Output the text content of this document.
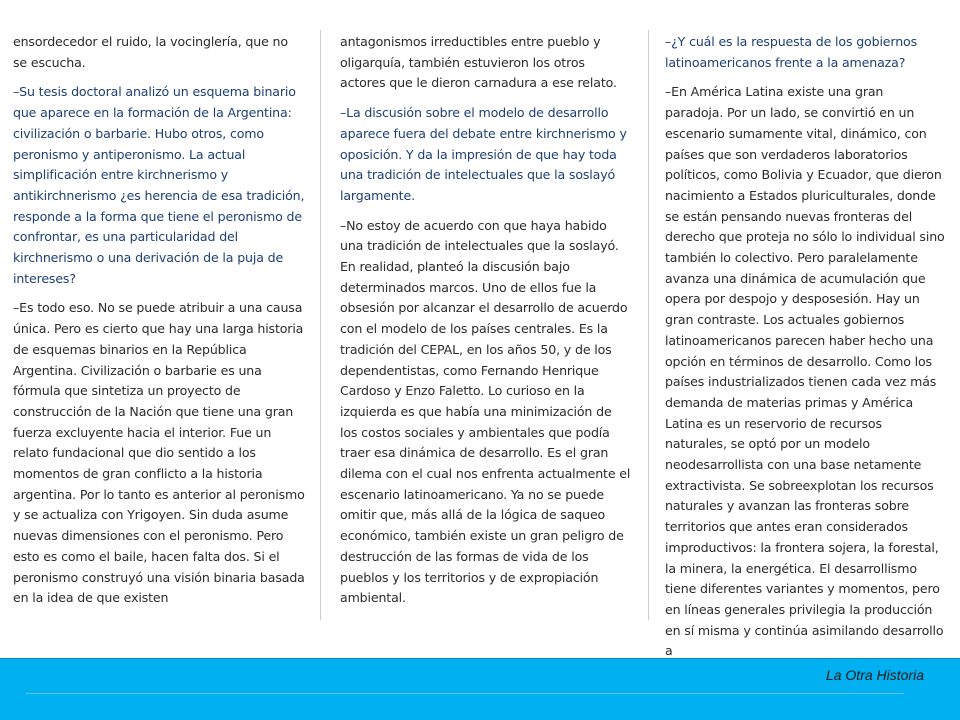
ensordecedor el ruido, la vocinglería, que no se escucha.

–Su tesis doctoral analizó un esquema binario que aparece en la formación de la Argentina: civilización o barbarie. Hubo otros, como peronismo y antiperonismo. La actual simplificación entre kirchnerismo y antikirchnerismo ¿es herencia de esa tradición, responde a la forma que tiene el peronismo de confrontar, es una particularidad del kirchnerismo o una derivación de la puja de intereses?

–Es todo eso. No se puede atribuir a una causa única. Pero es cierto que hay una larga historia de esquemas binarios en la República Argentina. Civilización o barbarie es una fórmula que sintetiza un proyecto de construcción de la Nación que tiene una gran fuerza excluyente hacia el interior. Fue un relato fundacional que dio sentido a los momentos de gran conflicto a la historia argentina. Por lo tanto es anterior al peronismo y se actualiza con Yrigoyen. Sin duda asume nuevas dimensiones con el peronismo. Pero esto es como el baile, hacen falta dos. Si el peronismo construyó una visión binaria basada en la idea de que existen

antagonismos irreductibles entre pueblo y oligarquía, también estuvieron los otros actores que le dieron carnadura a ese relato.

–La discusión sobre el modelo de desarrollo aparece fuera del debate entre kirchnerismo y oposición. Y da la impresión de que hay toda una tradición de intelectuales que la soslayó largamente.

–No estoy de acuerdo con que haya habido una tradición de intelectuales que la soslayó. En realidad, planteó la discusión bajo determinados marcos. Uno de ellos fue la obsesión por alcanzar el desarrollo de acuerdo con el modelo de los países centrales. Es la tradición del CEPAL, en los años 50, y de los dependentistas, como Fernando Henrique Cardoso y Enzo Faletto. Lo curioso en la izquierda es que había una minimización de los costos sociales y ambientales que podía traer esa dinámica de desarrollo. Es el gran dilema con el cual nos enfrenta actualmente el escenario latinoamericano. Ya no se puede omitir que, más allá de la lógica de saqueo económico, también existe un gran peligro de destrucción de las formas de vida de los pueblos y los territorios y de expropiación ambiental.

–¿Y cuál es la respuesta de los gobiernos latinoamericanos frente a la amenaza?

–En América Latina existe una gran paradoja. Por un lado, se convirtió en un escenario sumamente vital, dinámico, con países que son verdaderos laboratorios políticos, como Bolivia y Ecuador, que dieron nacimiento a Estados pluriculturales, donde se están pensando nuevas fronteras del derecho que proteja no sólo lo individual sino también lo colectivo. Pero paralelamente avanza una dinámica de acumulación que opera por despojo y desposesión. Hay un gran contraste. Los actuales gobiernos latinoamericanos parecen haber hecho una opción en términos de desarrollo. Como los países industrializados tienen cada vez más demanda de materias primas y América Latina es un reservorio de recursos naturales, se optó por un modelo neodesarrollista con una base netamente extractivista. Se sobreexplotan los recursos naturales y avanzan las fronteras sobre territorios que antes eran considerados improductivos: la frontera sojera, la forestal, la minera, la energética. El desarrollismo tiene diferentes variantes y momentos, pero en líneas generales privilegia la producción en sí misma y continúa asimilando desarrollo a

La Otra Historia
